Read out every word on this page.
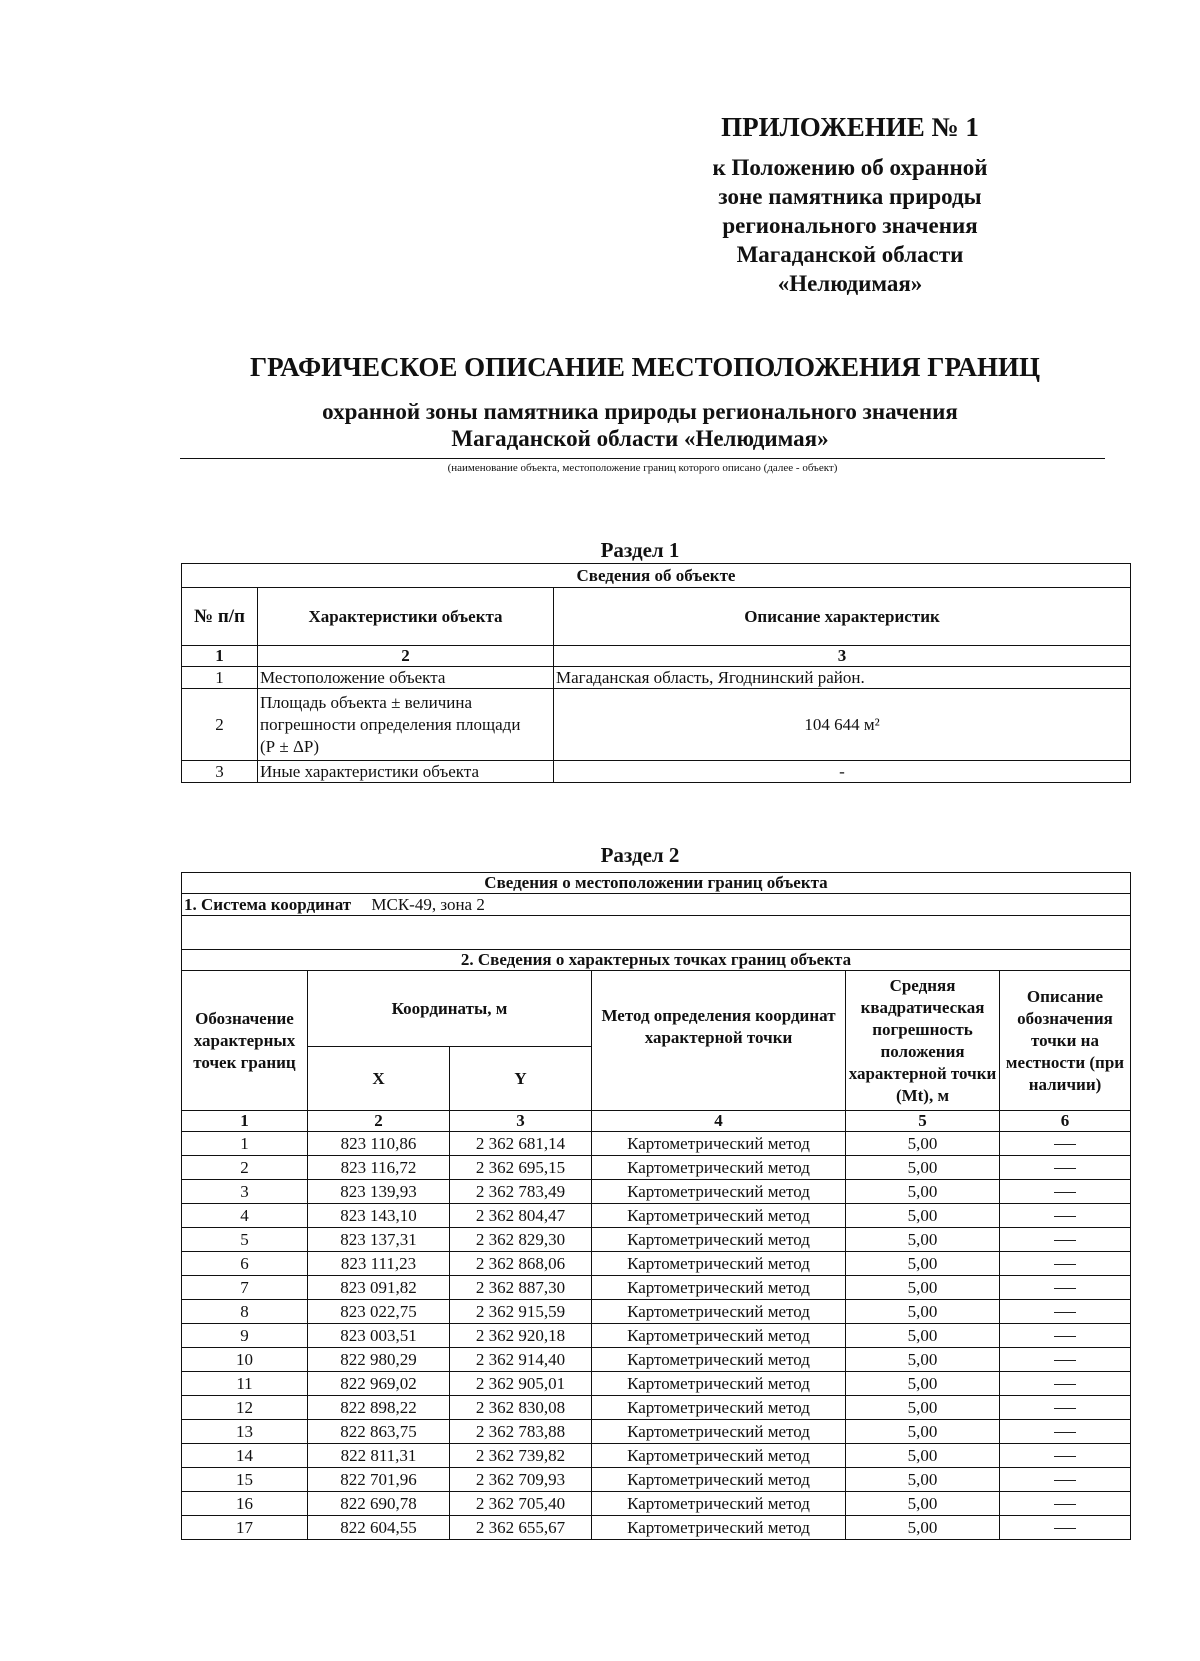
ПРИЛОЖЕНИЕ № 1
к Положению об охранной
зоне памятника природы
регионального значения
Магаданской области
«Нелюдимая»
ГРАФИЧЕСКОЕ ОПИСАНИЕ МЕСТОПОЛОЖЕНИЯ ГРАНИЦ
охранной зоны памятника природы регионального значения
Магаданской области «Нелюдимая»
(наименование объекта, местоположение границ которого описано (далее - объект)
Раздел 1
Сведения об объекте		
№ п/п	Характеристики объекта	Описание характеристик
1	2	3
1	Местоположение объекта	Магаданская область, Ягоднинский район.
2	Площадь объекта ± величина погрешности определения площади (Р ± ΔР)	104 644 м²
3	Иные характеристики объекта	-
Раздел 2
Сведения о местоположении границ объекта					
1. Система координат МСК-49, зона 2					

2. Сведения о характерных точках границ объекта					
Обозначение характерных точек границ	Координаты, м		Метод определения координат характерной точки	Средняя квадратическая погрешность положения характерной точки (Мt), м	Описание обозначения точки на местности (при наличии)
	X	Y			
1	2	3	4	5	6
1	823 110,86	2 362 681,14	Картометрический метод	5,00	
2	823 116,72	2 362 695,15	Картометрический метод	5,00	
3	823 139,93	2 362 783,49	Картометрический метод	5,00	
4	823 143,10	2 362 804,47	Картометрический метод	5,00	
5	823 137,31	2 362 829,30	Картометрический метод	5,00	
6	823 111,23	2 362 868,06	Картометрический метод	5,00	
7	823 091,82	2 362 887,30	Картометрический метод	5,00	
8	823 022,75	2 362 915,59	Картометрический метод	5,00	
9	823 003,51	2 362 920,18	Картометрический метод	5,00	
10	822 980,29	2 362 914,40	Картометрический метод	5,00	
11	822 969,02	2 362 905,01	Картометрический метод	5,00	
12	822 898,22	2 362 830,08	Картометрический метод	5,00	
13	822 863,75	2 362 783,88	Картометрический метод	5,00	
14	822 811,31	2 362 739,82	Картометрический метод	5,00	
15	822 701,96	2 362 709,93	Картометрический метод	5,00	
16	822 690,78	2 362 705,40	Картометрический метод	5,00	
17	822 604,55	2 362 655,67	Картометрический метод	5,00	
